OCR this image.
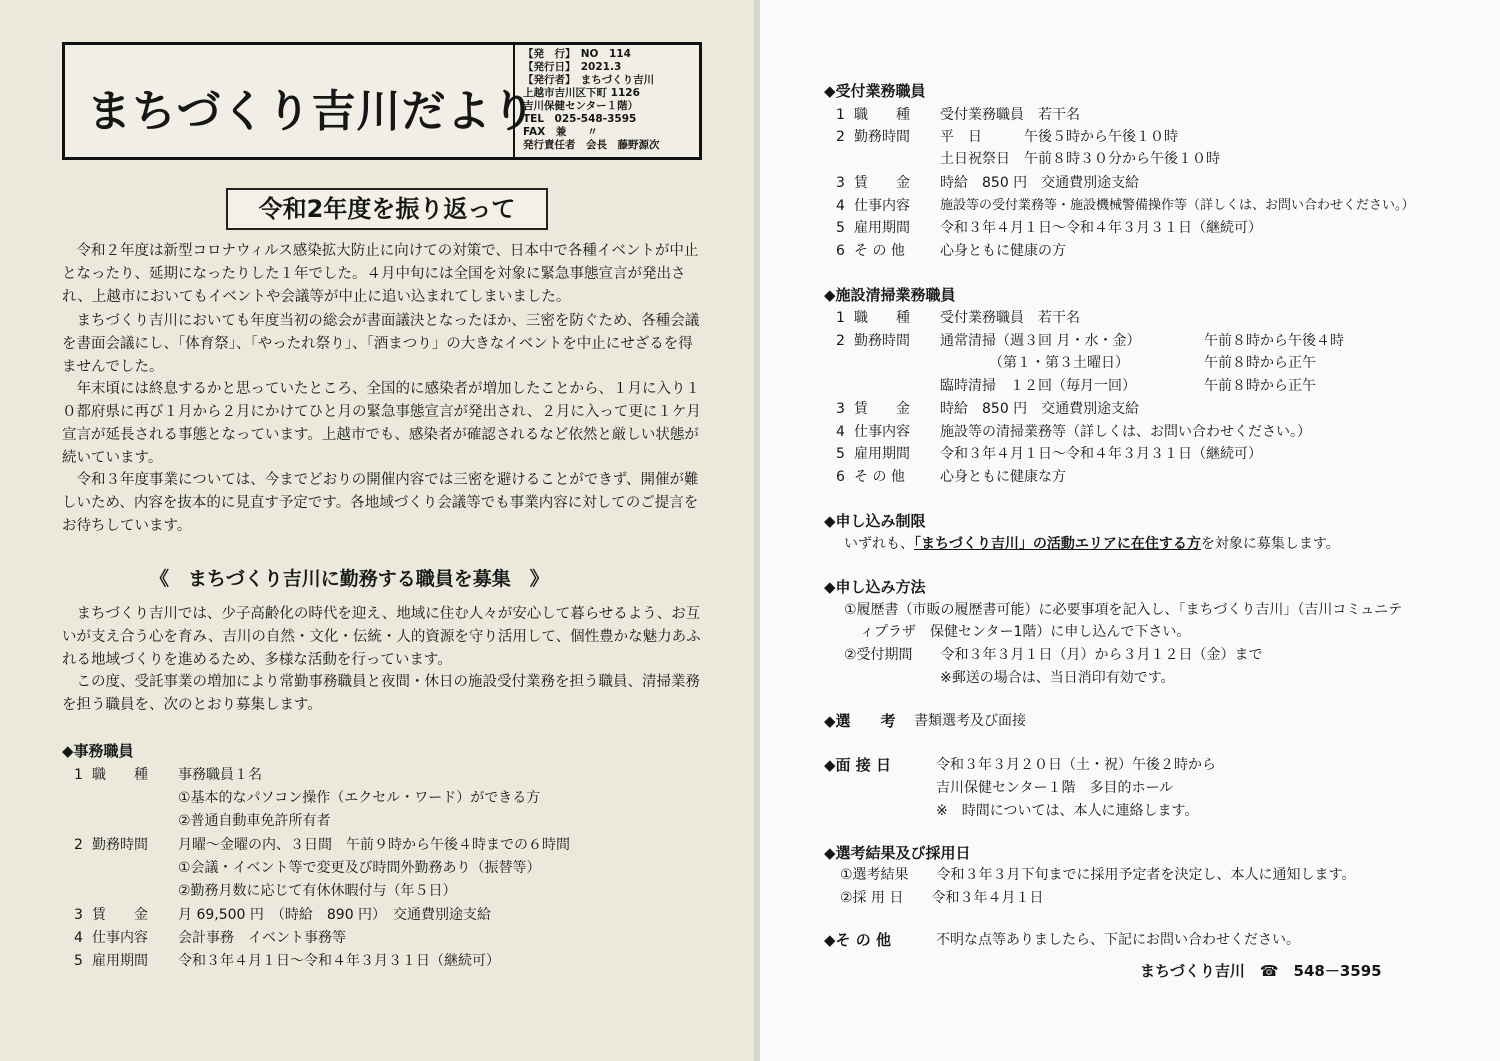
まちづくり吉川だより
【発　行】　NO　114
【発行日】　2021.3
【発行者】　まちづくり吉川
上越市吉川区下町 1126
吉川保健センター１階）
TEL　025-548-3595
FAX　兼　　〃
発行責任者　会長　藤野源次
令和2年度を振り返って

令和２年度は新型コロナウィルス感染拡大防止に向けての対策で、日本中で各種イベントが中止となったり、延期になったりした１年でした。４月中旬には全国を対象に緊急事態宣言が発出され、上越市においてもイベントや会議等が中止に追い込まれてしまいました。

まちづくり吉川においても年度当初の総会が書面議決となったほか、三密を防ぐため、各種会議を書面会議にし、「体育祭」、「やったれ祭り」、「酒まつり」の大きなイベントを中止にせざるを得ませんでした。

年末頃には終息するかと思っていたところ、全国的に感染者が増加したことから、１月に入り１０都府県に再び１月から２月にかけてひと月の緊急事態宣言が発出され、２月に入って更に１ケ月宣言が延長される事態となっています。上越市でも、感染者が確認されるなど依然と厳しい状態が続いています。

令和３年度事業については、今までどおりの開催内容では三密を避けることができず、開催が難しいため、内容を抜本的に見直す予定です。各地域づくり会議等でも事業内容に対してのご提言をお待ちしています。

《　まちづくり吉川に勤務する職員を募集　》

まちづくり吉川では、少子高齢化の時代を迎え、地域に住む人々が安心して暮らせるよう、お互いが支え合う心を育み、吉川の自然・文化・伝統・人的資源を守り活用して、個性豊かな魅力あふれる地域づくりを進めるため、多様な活動を行っています。

この度、受託事業の増加により常勤事務職員と夜間・休日の施設受付業務を担う職員、清掃業務を担う職員を、次のとおり募集します。

◆事務職員
1 職　　種	事務職員１名
①基本的なパソコン操作（エクセル・ワード）ができる方
②普通自動車免許所有者
2 勤務時間	月曜～金曜の内、３日間　午前９時から午後４時までの６時間
①会議・イベント等で変更及び時間外勤務あり（振替等）
②勤務月数に応じて有休休暇付与（年５日）
3 賃　　金	月 69,500 円　（時給　890 円）　交通費別途支給
4 仕事内容	会計事務　イベント事務等
5 雇用期間	令和３年４月１日～令和４年３月３１日（継続可）
◆受付業務職員
1 職　　種	受付業務職員　若干名
2 勤務時間	平　日　　　午後５時から午後１０時
土日祝祭日　午前８時３０分から午後１０時
3 賃　　金	時給　850 円　交通費別途支給
4 仕事内容	施設等の受付業務等・施設機械警備操作等（詳しくは、お問い合わせください。）
5 雇用期間	令和３年４月１日～令和４年３月３１日（継続可）
6 そ の 他	心身ともに健康の方
◆施設清掃業務職員
1 職　　種	受付業務職員　若干名
2 勤務時間	通常清掃（週３回 月・水・金）	午前８時から午後４時
　　　　（第１・第３土曜日）	午前８時から正午
臨時清掃　１２回（毎月一回）	午前８時から正午
3 賃　　金	時給　850 円　交通費別途支給
4 仕事内容	施設等の清掃業務等（詳しくは、お問い合わせください。）
5 雇用期間	令和３年４月１日～令和４年３月３１日（継続可）
6 そ の 他	心身ともに健康な方
◆申し込み制限
いずれも、「まちづくり吉川」の活動エリアに在住する方を対象に募集します。
◆申し込み方法
①履歴書（市販の履歴書可能）に必要事項を記入し、「まちづくり吉川」（吉川コミュニテ
ィプラザ　保健センター1階）に申し込んで下さい。
②受付期間　　令和３年３月１日（月）から３月１２日（金）まで
※郵送の場合は、当日消印有効です。
◆選　　考 書類選考及び面接
◆面 接 日	令和３年３月２０日（土・祝）午後２時から
吉川保健センター１階　多目的ホール
※　時間については、本人に連絡します。
◆選考結果及び採用日
①選考結果　　令和３年３月下旬までに採用予定者を決定し、本人に通知します。
②採 用 日　　令和３年４月１日
◆そ の 他	不明な点等ありましたら、下記にお問い合わせください。
まちづくり吉川　☎　548－3595
